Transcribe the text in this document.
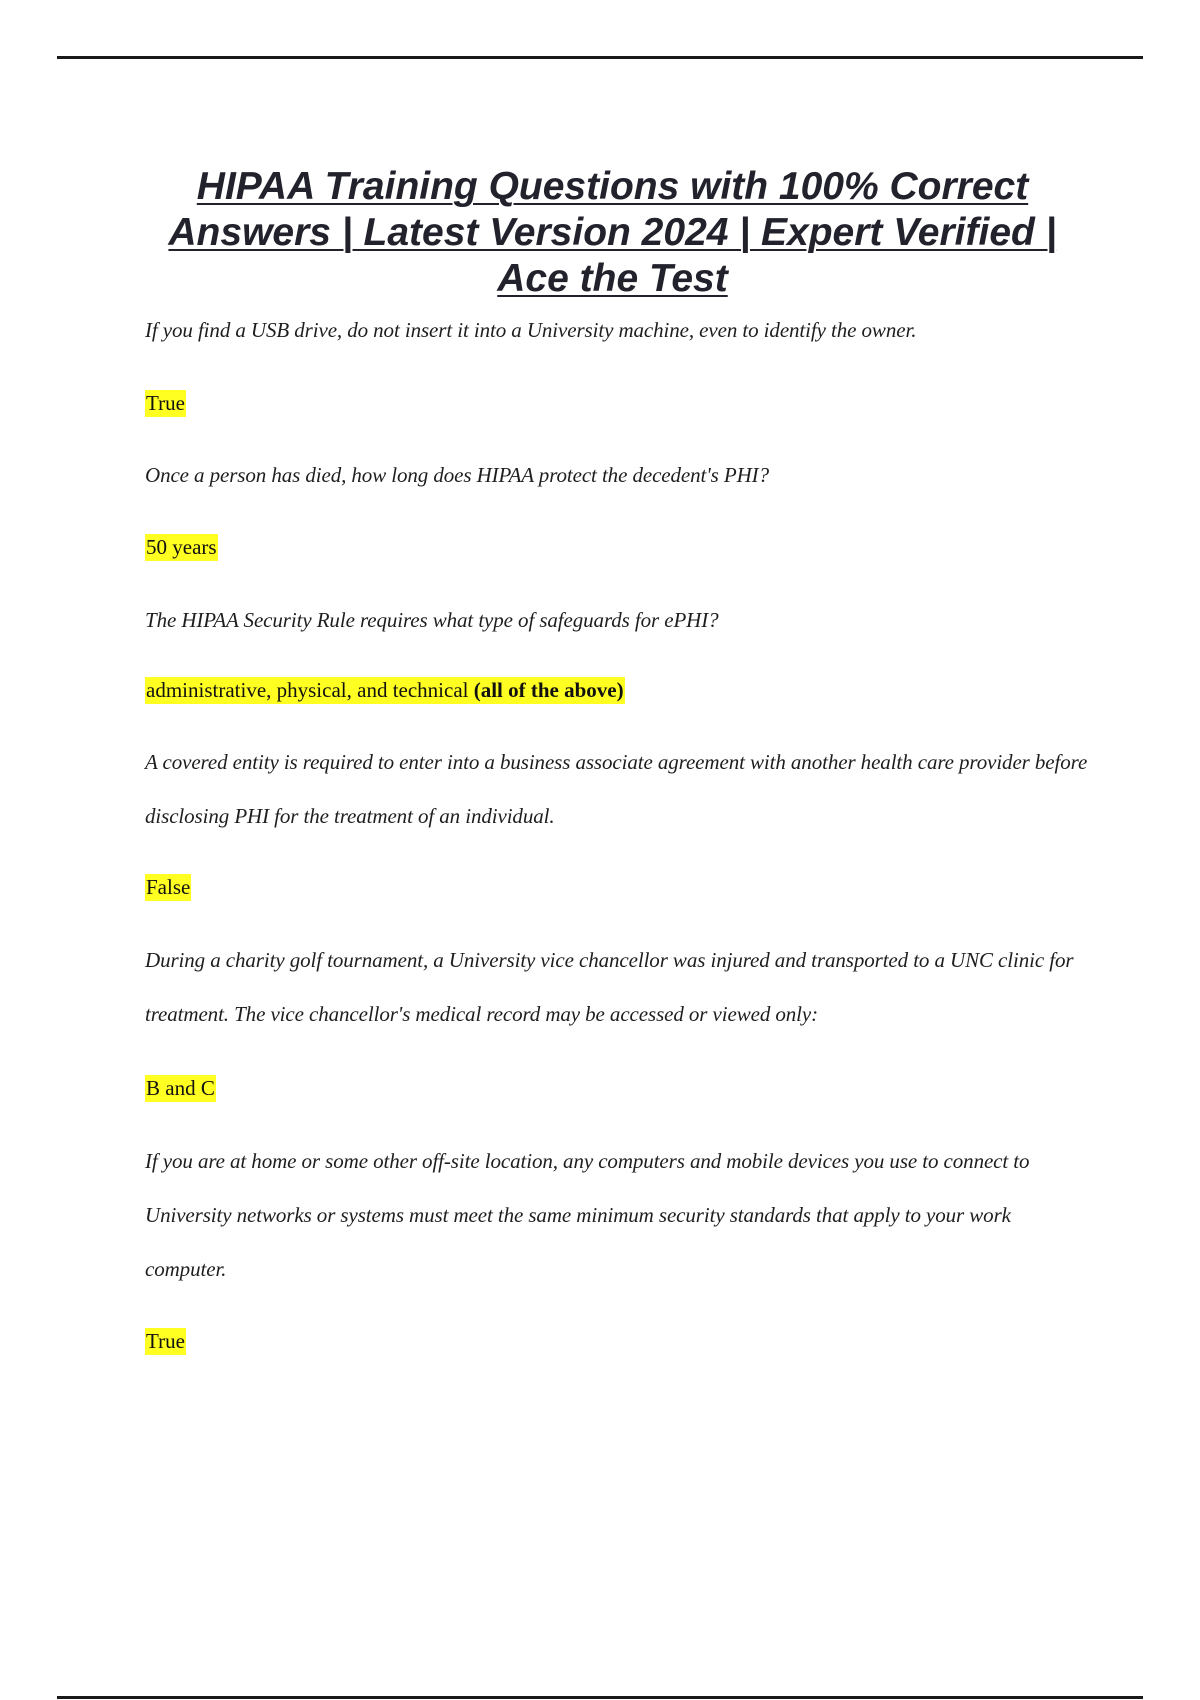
HIPAA Training Questions with 100% Correct Answers | Latest Version 2024 | Expert Verified | Ace the Test

If you find a USB drive, do not insert it into a University machine, even to identify the owner.

True

Once a person has died, how long does HIPAA protect the decedent's PHI?

50 years

The HIPAA Security Rule requires what type of safeguards for ePHI?

administrative, physical, and technical (all of the above)

A covered entity is required to enter into a business associate agreement with another health care provider before disclosing PHI for the treatment of an individual.

False

During a charity golf tournament, a University vice chancellor was injured and transported to a UNC clinic for treatment. The vice chancellor's medical record may be accessed or viewed only:

B and C

If you are at home or some other off-site location, any computers and mobile devices you use to connect to University networks or systems must meet the same minimum security standards that apply to your work computer.

True
